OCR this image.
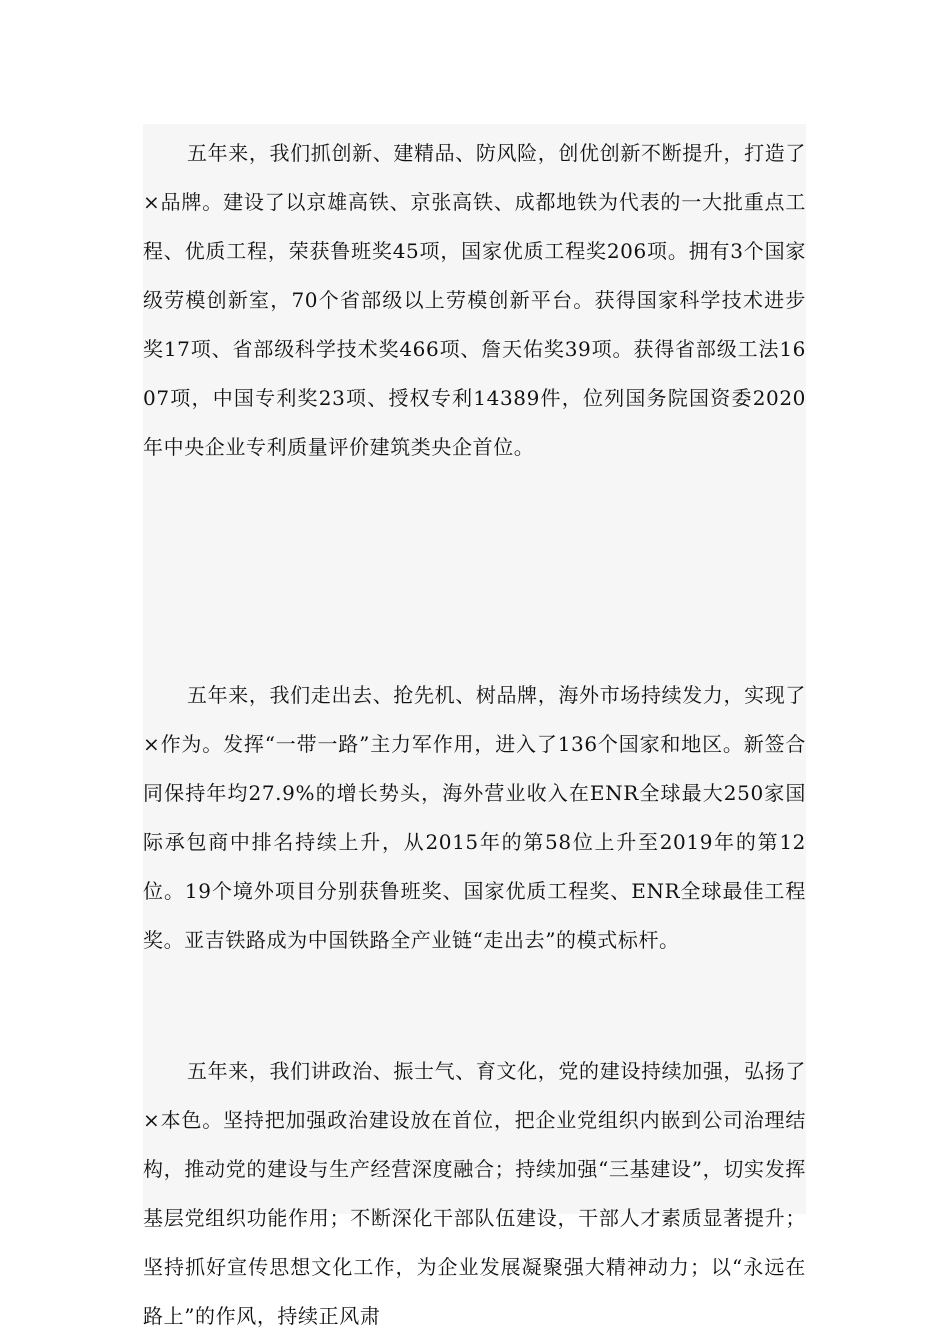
五年来，我们抓创新、建精品、防风险，创优创新不断提升，打造了×品牌。建设了以京雄高铁、京张高铁、成都地铁为代表的一大批重点工程、优质工程，荣获鲁班奖45项，国家优质工程奖206项。拥有3个国家级劳模创新室，70个省部级以上劳模创新平台。获得国家科学技术进步奖17项、省部级科学技术奖466项、詹天佑奖39项。获得省部级工法1607项，中国专利奖23项、授权专利14389件，位列国务院国资委2020年中央企业专利质量评价建筑类央企首位。

五年来，我们走出去、抢先机、树品牌，海外市场持续发力，实现了×作为。发挥“一带一路”主力军作用，进入了136个国家和地区。新签合同保持年均27.9%的增长势头，海外营业收入在ENR全球最大250家国际承包商中排名持续上升，从2015年的第58位上升至2019年的第12位。19个境外项目分别获鲁班奖、国家优质工程奖、ENR全球最佳工程奖。亚吉铁路成为中国铁路全产业链“走出去”的模式标杆。

五年来，我们讲政治、振士气、育文化，党的建设持续加强，弘扬了×本色。坚持把加强政治建设放在首位，把企业党组织内嵌到公司治理结构，推动党的建设与生产经营深度融合；持续加强“三基建设”，切实发挥基层党组织功能作用；不断深化干部队伍建设，干部人才素质显著提升；坚持抓好宣传思想文化工作，为企业发展凝聚强大精神动力；以“永远在路上”的作风，持续正风肃
